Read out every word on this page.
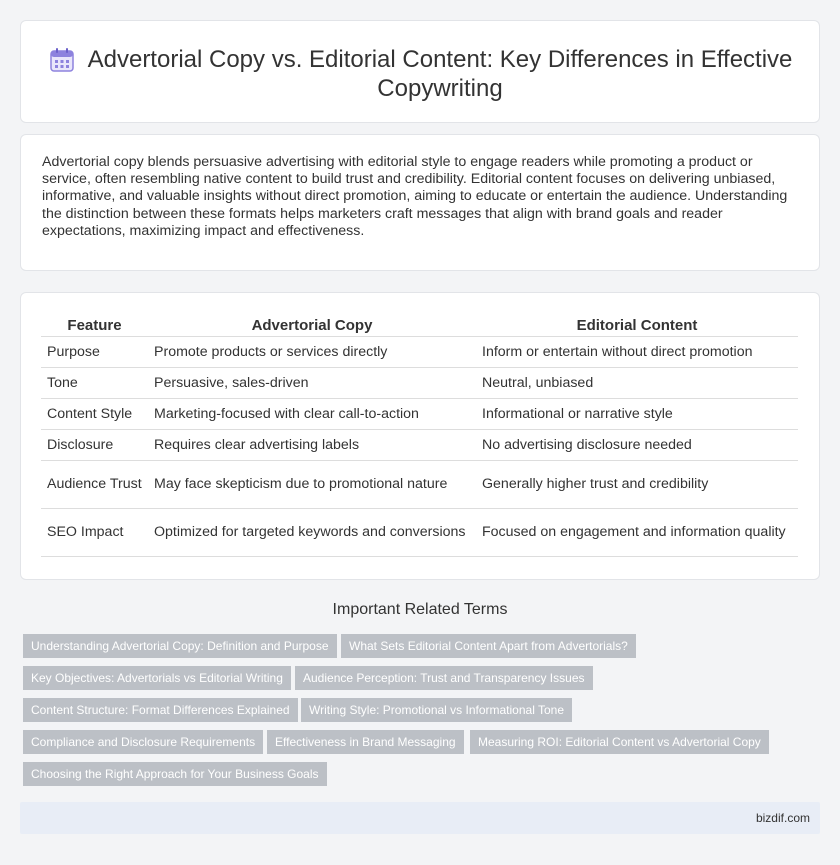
Advertorial Copy vs. Editorial Content: Key Differences in Effective Copywriting

Advertorial copy blends persuasive advertising with editorial style to engage readers while promoting a product or service, often resembling native content to build trust and credibility. Editorial content focuses on delivering unbiased, informative, and valuable insights without direct promotion, aiming to educate or entertain the audience. Understanding the distinction between these formats helps marketers craft messages that align with brand goals and reader expectations, maximizing impact and effectiveness.

Feature	Advertorial Copy	Editorial Content
Purpose	Promote products or services directly	Inform or entertain without direct promotion
Tone	Persuasive, sales-driven	Neutral, unbiased
Content Style	Marketing-focused with clear call-to-action	Informational or narrative style
Disclosure	Requires clear advertising labels	No advertising disclosure needed
Audience Trust	May face skepticism due to promotional nature	Generally higher trust and credibility
SEO Impact	Optimized for targeted keywords and conversions	Focused on engagement and information quality
Important Related Terms
Understanding Advertorial Copy: Definition and Purpose	What Sets Editorial Content Apart from Advertorials?
Key Objectives: Advertorials vs Editorial Writing	Audience Perception: Trust and Transparency Issues
Content Structure: Format Differences Explained	Writing Style: Promotional vs Informational Tone
Compliance and Disclosure Requirements	Effectiveness in Brand Messaging	Measuring ROI: Editorial Content vs Advertorial Copy
Choosing the Right Approach for Your Business Goals
bizdif.com
